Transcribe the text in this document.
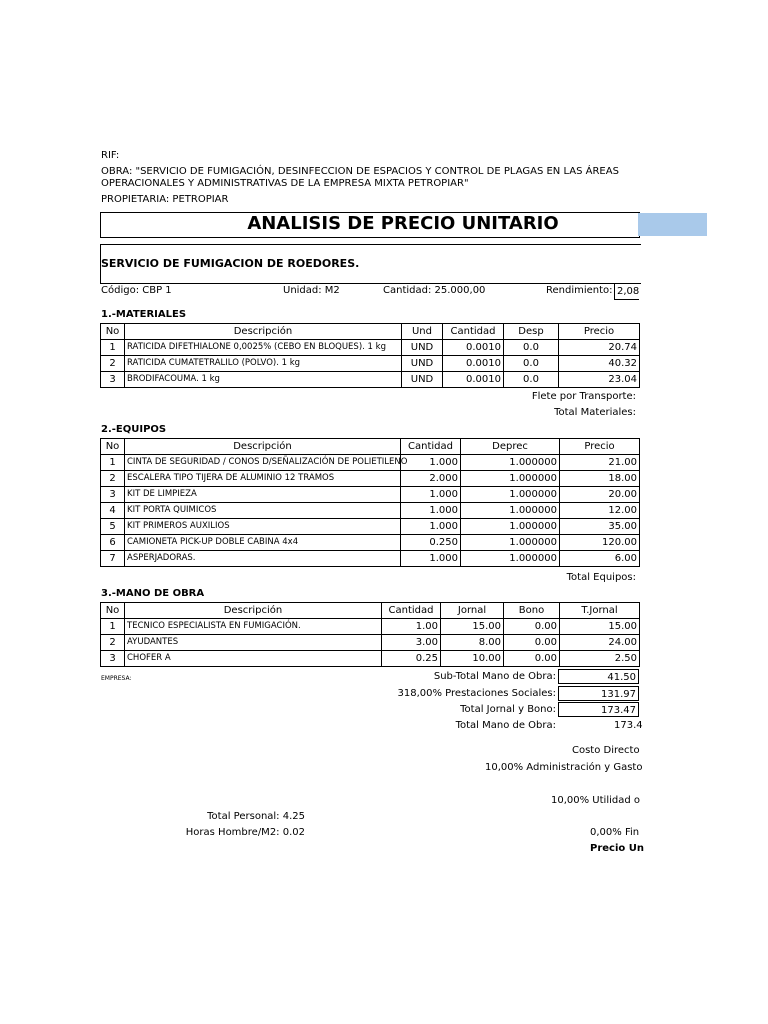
RIF:
OBRA: "SERVICIO DE FUMIGACIÓN, DESINFECCION DE ESPACIOS Y CONTROL DE PLAGAS EN LAS ÁREAS
OPERACIONALES Y ADMINISTRATIVAS DE LA EMPRESA MIXTA PETROPIAR"
PROPIETARIA: PETROPIAR
ANALISIS DE PRECIO UNITARIO
SERVICIO DE FUMIGACION DE ROEDORES.
Código: CBP 1	Unidad: M2	Cantidad: 25.000,00	Rendimiento: 2,08
1.-MATERIALES
No	Descripción	Und	Cantidad	Desp	Precio
1	RATICIDA DIFETHIALONE 0,0025% (CEBO EN BLOQUES). 1 kg	UND	0.0010	0.0	20.74
2	RATICIDA CUMATETRALILO (POLVO). 1 kg	UND	0.0010	0.0	40.32
3	BRODIFACOUMA. 1 kg	UND	0.0010	0.0	23.04
Flete por Transporte:
Total Materiales:
2.-EQUIPOS
No	Descripción	Cantidad	Deprec	Precio
1	CINTA DE SEGURIDAD / CONOS D/SEÑALIZACIÓN DE POLIETILENO	1.000	1.000000	21.00
2	ESCALERA TIPO TIJERA DE ALUMINIO 12 TRAMOS	2.000	1.000000	18.00
3	KIT DE LIMPIEZA	1.000	1.000000	20.00
4	KIT PORTA QUIMICOS	1.000	1.000000	12.00
5	KIT PRIMEROS AUXILIOS	1.000	1.000000	35.00
6	CAMIONETA PICK-UP DOBLE CABINA 4x4	0.250	1.000000	120.00
7	ASPERJADORAS.	1.000	1.000000	6.00
Total Equipos:
3.-MANO DE OBRA
No	Descripción	Cantidad	Jornal	Bono	T.Jornal
1	TECNICO ESPECIALISTA EN FUMIGACIÓN.	1.00	15.00	0.00	15.00
2	AYUDANTES	3.00	8.00	0.00	24.00
3	CHOFER A	0.25	10.00	0.00	2.50
EMPRESA:	Sub-Total Mano de Obra:	41.50
318,00% Prestaciones Sociales:	131.97
Total Jornal y Bono:	173.47
Total Mano de Obra:	173.4
Costo Directo
10,00% Administración y Gasto
10,00% Utilidad o
Total Personal: 4.25
Horas Hombre/M2: 0.02	0,00% Fin
Precio Un
